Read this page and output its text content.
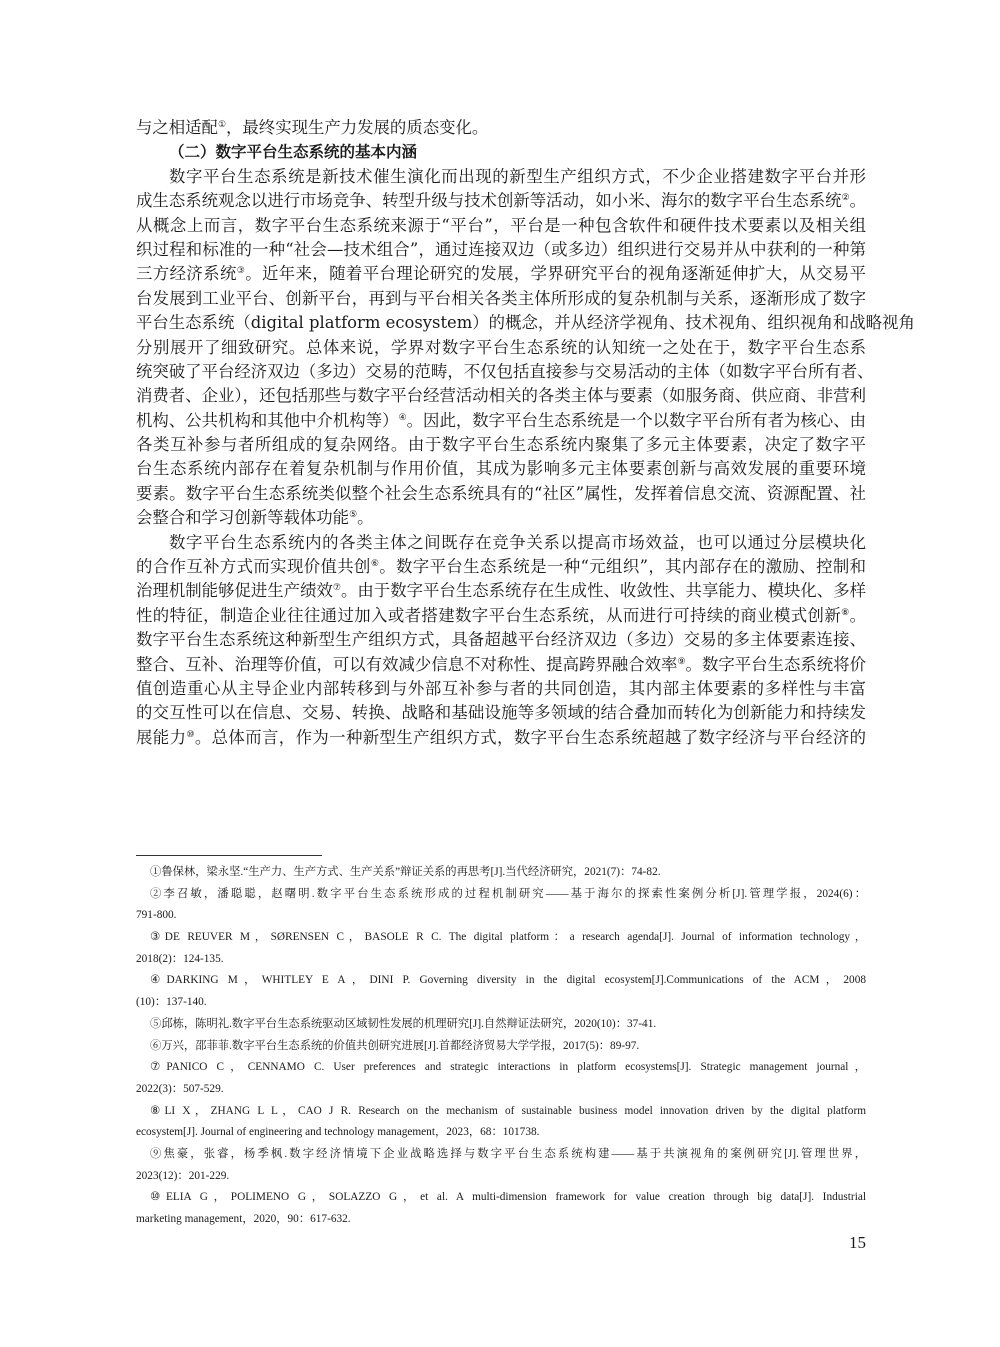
与之相适配①，最终实现生产力发展的质态变化。
（二）数字平台生态系统的基本内涵
数字平台生态系统是新技术催生演化而出现的新型生产组织方式，不少企业搭建数字平台并形
成生态系统观念以进行市场竞争、转型升级与技术创新等活动，如小米、海尔的数字平台生态系统②。
从概念上而言，数字平台生态系统来源于“平台”，平台是一种包含软件和硬件技术要素以及相关组
织过程和标准的一种“社会—技术组合”，通过连接双边（或多边）组织进行交易并从中获利的一种第
三方经济系统③。近年来，随着平台理论研究的发展，学界研究平台的视角逐渐延伸扩大，从交易平
台发展到工业平台、创新平台，再到与平台相关各类主体所形成的复杂机制与关系，逐渐形成了数字
平台生态系统（digital platform ecosystem）的概念，并从经济学视角、技术视角、组织视角和战略视角
分别展开了细致研究。总体来说，学界对数字平台生态系统的认知统一之处在于，数字平台生态系
统突破了平台经济双边（多边）交易的范畴，不仅包括直接参与交易活动的主体（如数字平台所有者、
消费者、企业），还包括那些与数字平台经营活动相关的各类主体与要素（如服务商、供应商、非营利
机构、公共机构和其他中介机构等）④。因此，数字平台生态系统是一个以数字平台所有者为核心、由
各类互补参与者所组成的复杂网络。由于数字平台生态系统内聚集了多元主体要素，决定了数字平
台生态系统内部存在着复杂机制与作用价值，其成为影响多元主体要素创新与高效发展的重要环境
要素。数字平台生态系统类似整个社会生态系统具有的“社区”属性，发挥着信息交流、资源配置、社
会整合和学习创新等载体功能⑤。
数字平台生态系统内的各类主体之间既存在竞争关系以提高市场效益，也可以通过分层模块化
的合作互补方式而实现价值共创⑥。数字平台生态系统是一种“元组织”，其内部存在的激励、控制和
治理机制能够促进生产绩效⑦。由于数字平台生态系统存在生成性、收敛性、共享能力、模块化、多样
性的特征，制造企业往往通过加入或者搭建数字平台生态系统，从而进行可持续的商业模式创新⑧。
数字平台生态系统这种新型生产组织方式，具备超越平台经济双边（多边）交易的多主体要素连接、
整合、互补、治理等价值，可以有效减少信息不对称性、提高跨界融合效率⑨。数字平台生态系统将价
值创造重心从主导企业内部转移到与外部互补参与者的共同创造，其内部主体要素的多样性与丰富
的交互性可以在信息、交易、转换、战略和基础设施等多领域的结合叠加而转化为创新能力和持续发
展能力⑩。总体而言，作为一种新型生产组织方式，数字平台生态系统超越了数字经济与平台经济的
①鲁保林，梁永坚.“生产力、生产方式、生产关系”辩证关系的再思考[J].当代经济研究，2021(7)：74-82.
②李召敏，潘聪聪，赵曙明.数字平台生态系统形成的过程机制研究——基于海尔的探索性案例分析[J].管理学报，2024(6)：
791-800.
③DE REUVER M，SØRENSEN C，BASOLE R C. The digital platform：a research agenda[J]. Journal of information technology，
2018(2)：124-135.
④DARKING M，WHITLEY E A，DINI P. Governing diversity in the digital ecosystem[J].Communications of the ACM，2008
(10)：137-140.
⑤邱栋，陈明礼.数字平台生态系统驱动区域韧性发展的机理研究[J].自然辩证法研究，2020(10)：37-41.
⑥万兴，邵菲菲.数字平台生态系统的价值共创研究进展[J].首都经济贸易大学学报，2017(5)：89-97.
⑦PANICO C，CENNAMO C. User preferences and strategic interactions in platform ecosystems[J]. Strategic management journal，
2022(3)：507-529.
⑧LI X，ZHANG L L，CAO J R. Research on the mechanism of sustainable business model innovation driven by the digital platform
ecosystem[J]. Journal of engineering and technology management，2023，68：101738.
⑨焦豪，张睿，杨季枫.数字经济情境下企业战略选择与数字平台生态系统构建——基于共演视角的案例研究[J].管理世界，
2023(12)：201-229.
⑩ELIA G，POLIMENO G，SOLAZZO G，et al. A multi-dimension framework for value creation through big data[J]. Industrial
marketing management，2020，90：617-632.
15
